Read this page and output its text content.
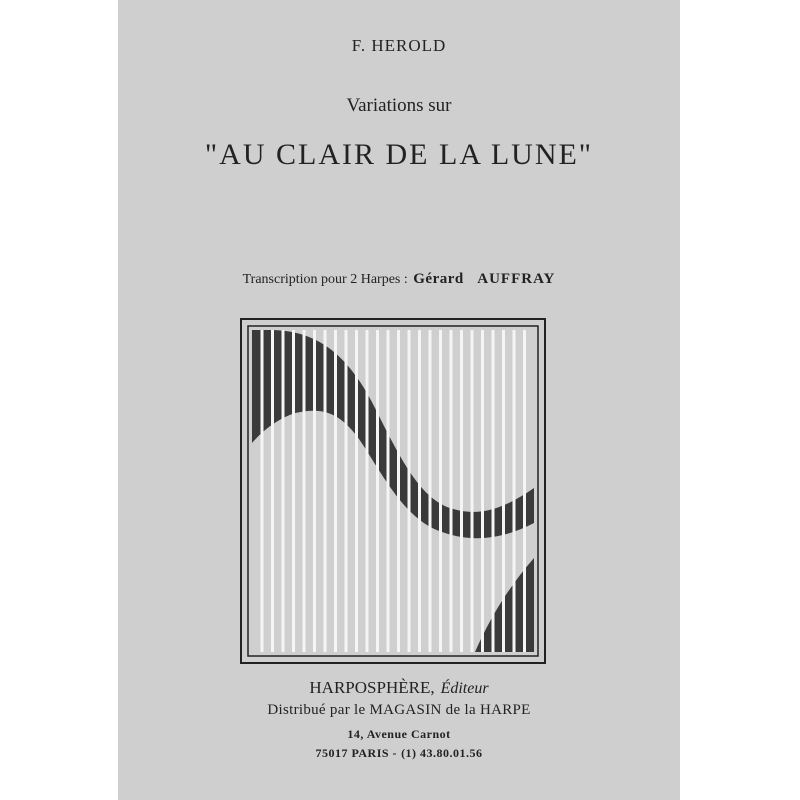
F. HEROLD
Variations sur
"AU CLAIR DE LA LUNE"
Transcription pour 2 Harpes : Gérard AUFFRAY
HARPOSPHÈRE, Éditeur
Distribué par le MAGASIN de la HARPE
14, Avenue Carnot
75017 PARIS - (1) 43.80.01.56
